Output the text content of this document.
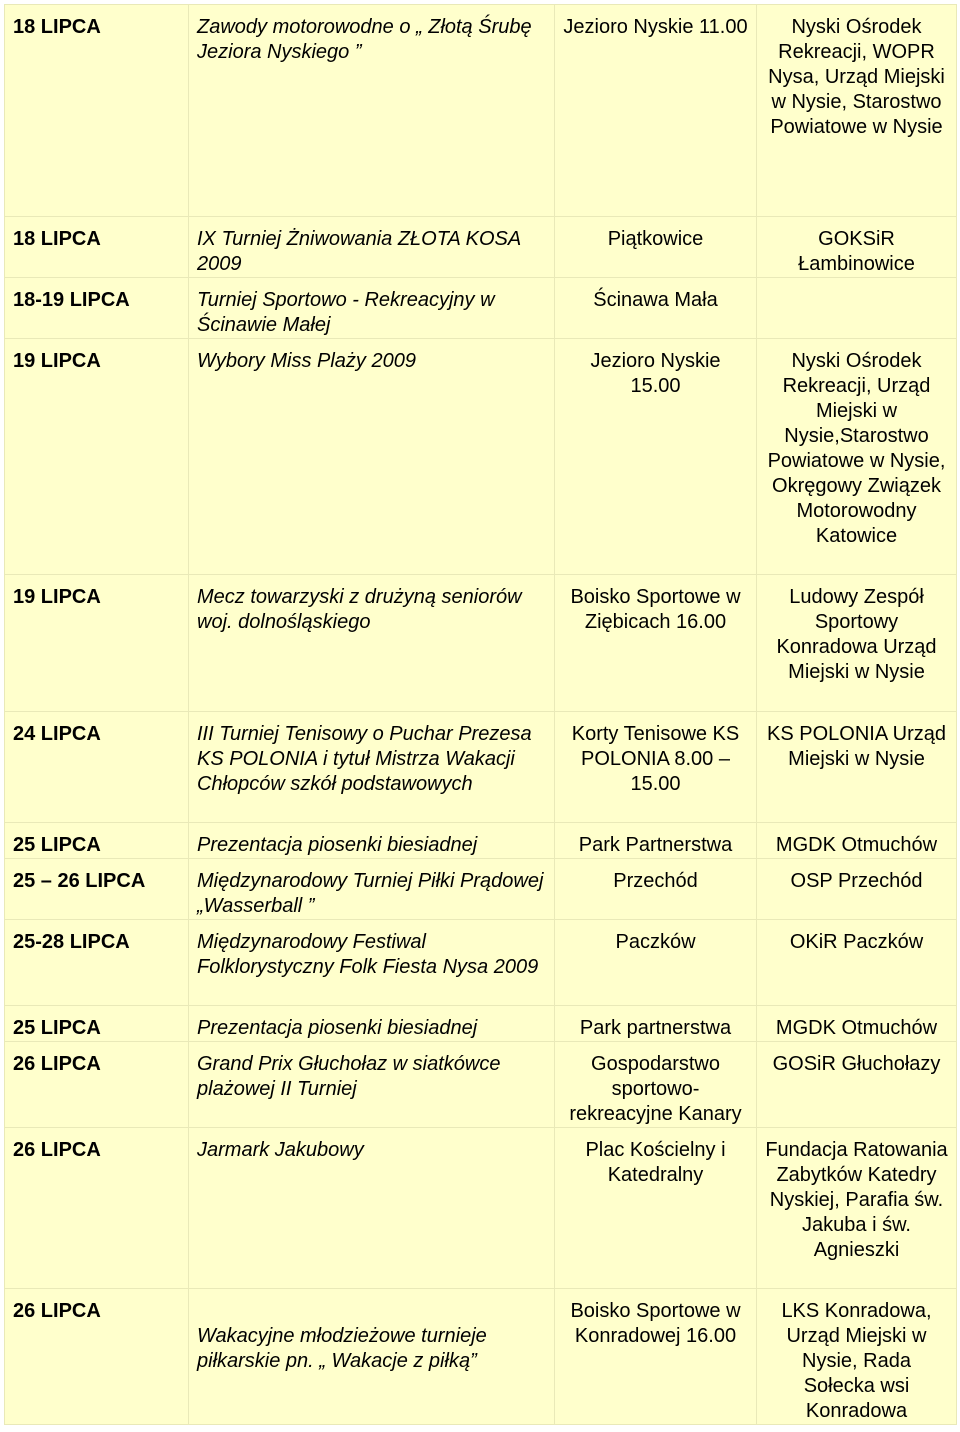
18 LIPCA	Zawody motorowodne o „ Złotą Śrubę Jeziora Nyskiego ”	Jezioro Nyskie 11.00	Nyski Ośrodek Rekreacji, WOPR Nysa, Urząd Miejski w Nysie, Starostwo Powiatowe w Nysie
18 LIPCA	IX Turniej Żniwowania ZŁOTA KOSA 2009	Piątkowice	GOKSiR Łambinowice
18-19 LIPCA	Turniej Sportowo - Rekreacyjny w Ścinawie Małej	Ścinawa Mała	
19 LIPCA	Wybory Miss Plaży 2009	Jezioro Nyskie 15.00	Nyski Ośrodek Rekreacji, Urząd Miejski w Nysie,Starostwo Powiatowe w Nysie, Okręgowy Związek Motorowodny Katowice
19 LIPCA	Mecz towarzyski z drużyną seniorów woj. dolnośląskiego	Boisko Sportowe w Ziębicach 16.00	Ludowy Zespół Sportowy Konradowa Urząd Miejski w Nysie
24 LIPCA	III Turniej Tenisowy o Puchar Prezesa KS POLONIA i tytuł Mistrza Wakacji Chłopców szkół podstawowych	Korty Tenisowe KS POLONIA 8.00 – 15.00	KS POLONIA Urząd Miejski w Nysie
25 LIPCA	Prezentacja piosenki biesiadnej	Park Partnerstwa	MGDK Otmuchów
25 – 26 LIPCA	Międzynarodowy Turniej Piłki Prądowej „Wasserball ”	Przechód	OSP Przechód
25-28 LIPCA	Międzynarodowy Festiwal Folklorystyczny Folk Fiesta Nysa 2009	Paczków	OKiR Paczków
25 LIPCA	Prezentacja piosenki biesiadnej	Park partnerstwa	MGDK Otmuchów
26 LIPCA	Grand Prix Głuchołaz w siatkówce plażowej II Turniej	Gospodarstwo sportowo-rekreacyjne Kanary	GOSiR Głuchołazy
26 LIPCA	Jarmark Jakubowy	Plac Kościelny i Katedralny	Fundacja Ratowania Zabytków Katedry Nyskiej, Parafia św. Jakuba i św. Agnieszki
26 LIPCA	Wakacyjne młodzieżowe turnieje piłkarskie pn. „ Wakacje z piłką”	Boisko Sportowe w Konradowej 16.00	LKS Konradowa, Urząd Miejski w Nysie, Rada Sołecka wsi Konradowa
